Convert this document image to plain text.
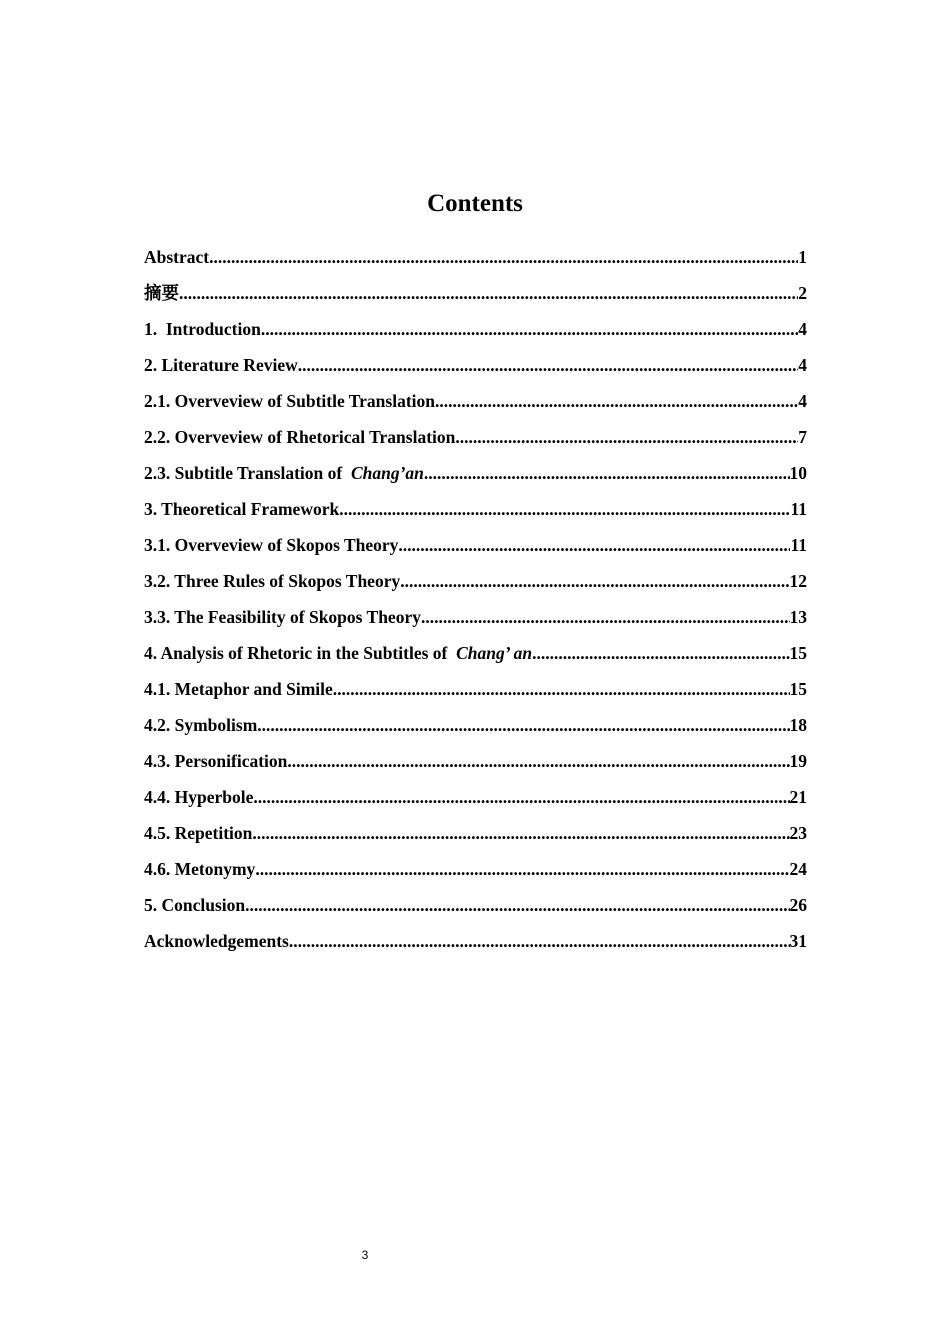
Contents
Abstract .....	1
摘要 .....	2
1.  Introduction .....	4
2. Literature Review .....	4
2.1. Overveview of Subtitle Translation .....	4
2.2. Overveview of Rhetorical Translation .....	7
2.3. Subtitle Translation of  Chang’an .....	10
3. Theoretical Framework .....	11
3.1. Overveview of Skopos Theory .....	11
3.2. Three Rules of Skopos Theory .....	12
3.3. The Feasibility of Skopos Theory .....	13
4. Analysis of Rhetoric in the Subtitles of  Chang’ an .....	15
4.1. Metaphor and Simile .....	15
4.2. Symbolism .....	18
4.3. Personification .....	19
4.4. Hyperbole .....	21
4.5. Repetition .....	23
4.6. Metonymy .....	24
5. Conclusion .....	26
Acknowledgements .....	31
3
